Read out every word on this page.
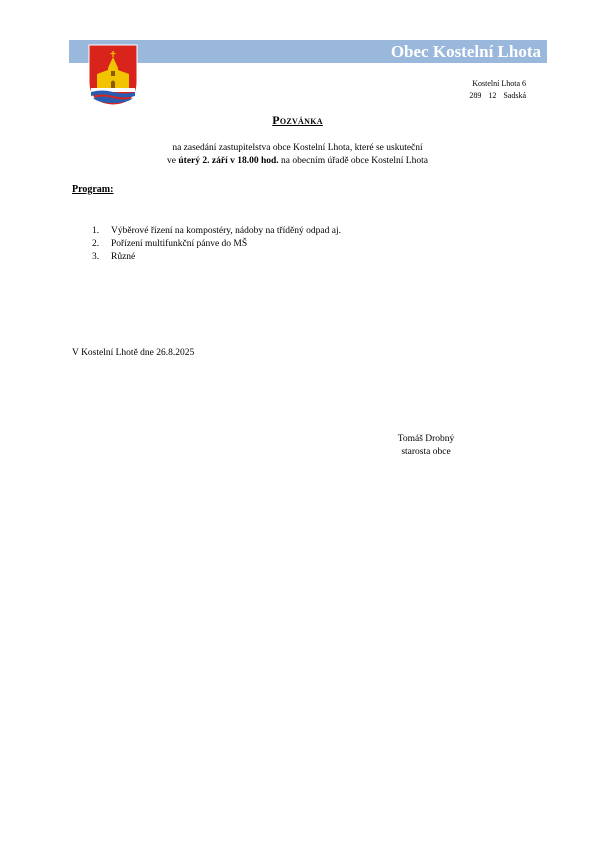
Obec Kostelní Lhota
Kostelní Lhota 6
289 12 Sadská
Pozvánka
na zasedání zastupitelstva obce Kostelní Lhota, které se uskuteční
ve úterý 2. září v 18.00 hod. na obecním úřadě obce Kostelní Lhota
Program:
1. Výběrové řízení na kompostéry, nádoby na tříděný odpad aj.
2. Pořízení multifunkční pánve do MŠ
3. Různé
V Kostelní Lhotě dne 26.8.2025
Tomáš Drobný
starosta obce
